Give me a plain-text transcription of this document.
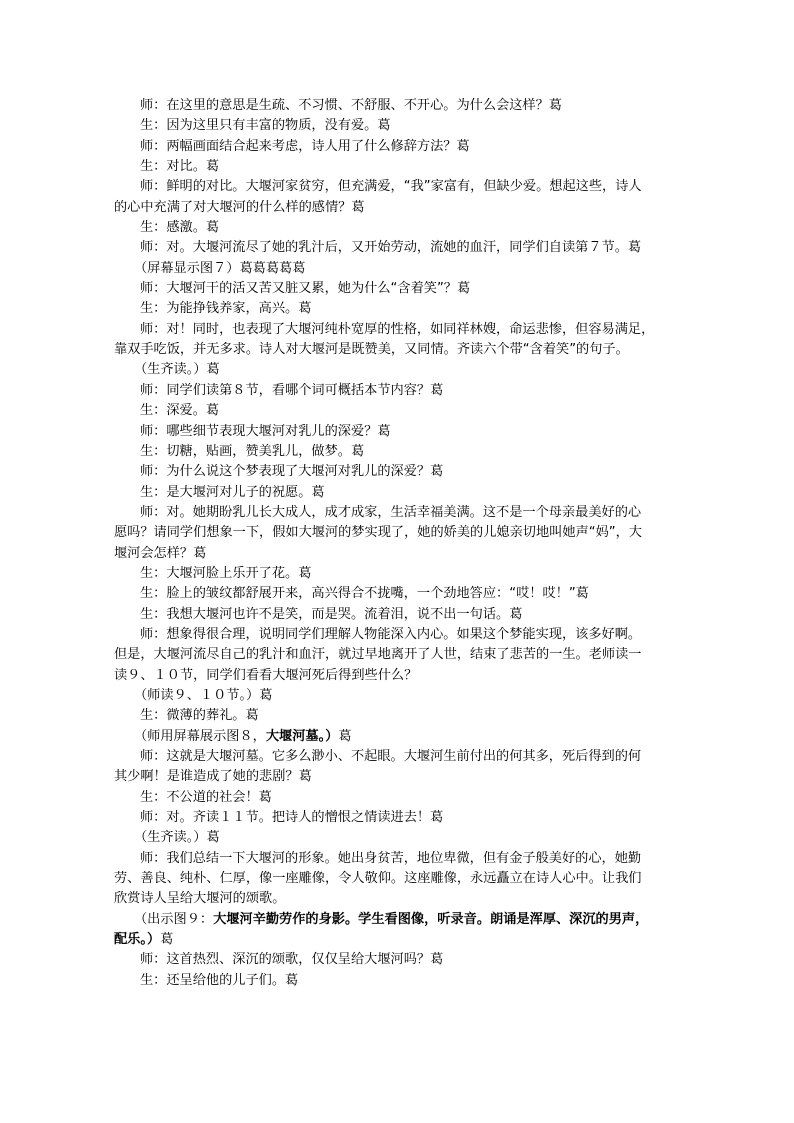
师：在这里的意思是生疏、不习惯、不舒服、不开心。为什么会这样？葛
生：因为这里只有丰富的物质，没有爱。葛
师：两幅画面结合起来考虑，诗人用了什么修辞方法？葛
生：对比。葛
师：鲜明的对比。大堰河家贫穷，但充满爱，“我”家富有，但缺少爱。想起这些，诗人
的心中充满了对大堰河的什么样的感情？葛
生：感激。葛
师：对。大堰河流尽了她的乳汁后，又开始劳动，流她的血汗，同学们自读第７节。葛
（屏幕显示图７）葛葛葛葛葛
师：大堰河干的活又苦又脏又累，她为什么“含着笑”？葛
生：为能挣钱养家，高兴。葛
师：对！同时，也表现了大堰河纯朴宽厚的性格，如同祥林嫂，命运悲惨，但容易满足，
靠双手吃饭，并无多求。诗人对大堰河是既赞美，又同情。齐读六个带“含着笑”的句子。
（生齐读。）葛
师：同学们读第８节，看哪个词可概括本节内容？葛
生：深爱。葛
师：哪些细节表现大堰河对乳儿的深爱？葛
生：切糖，贴画，赞美乳儿，做梦。葛
师：为什么说这个梦表现了大堰河对乳儿的深爱？葛
生：是大堰河对儿子的祝愿。葛
师：对。她期盼乳儿长大成人，成才成家，生活幸福美满。这不是一个母亲最美好的心
愿吗？请同学们想象一下，假如大堰河的梦实现了，她的娇美的儿媳亲切地叫她声“妈”，大
堰河会怎样？葛
生：大堰河脸上乐开了花。葛
生：脸上的皱纹都舒展开来，高兴得合不拢嘴，一个劲地答应：“哎！哎！”葛
生：我想大堰河也许不是笑，而是哭。流着泪，说不出一句话。葛
师：想象得很合理，说明同学们理解人物能深入内心。如果这个梦能实现，该多好啊。
但是，大堰河流尽自己的乳汁和血汗，就过早地离开了人世，结束了悲苦的一生。老师读一
读９、１０节，同学们看看大堰河死后得到些什么？
（师读９、１０节。）葛
生：微薄的葬礼。葛
（师用屏幕展示图８，大堰河墓。）葛
师：这就是大堰河墓。它多么渺小、不起眼。大堰河生前付出的何其多，死后得到的何
其少啊！是谁造成了她的悲剧？葛
生：不公道的社会！葛
师：对。齐读１１节。把诗人的憎恨之情读进去！葛
（生齐读。）葛
师：我们总结一下大堰河的形象。她出身贫苦，地位卑微，但有金子般美好的心，她勤
劳、善良、纯朴、仁厚，像一座雕像，令人敬仰。这座雕像，永远矗立在诗人心中。让我们
欣赏诗人呈给大堰河的颂歌。
（出示图９：大堰河辛勤劳作的身影。学生看图像，听录音。朗诵是浑厚、深沉的男声，
配乐。）葛
师：这首热烈、深沉的颂歌，仅仅呈给大堰河吗？葛
生：还呈给他的儿子们。葛
